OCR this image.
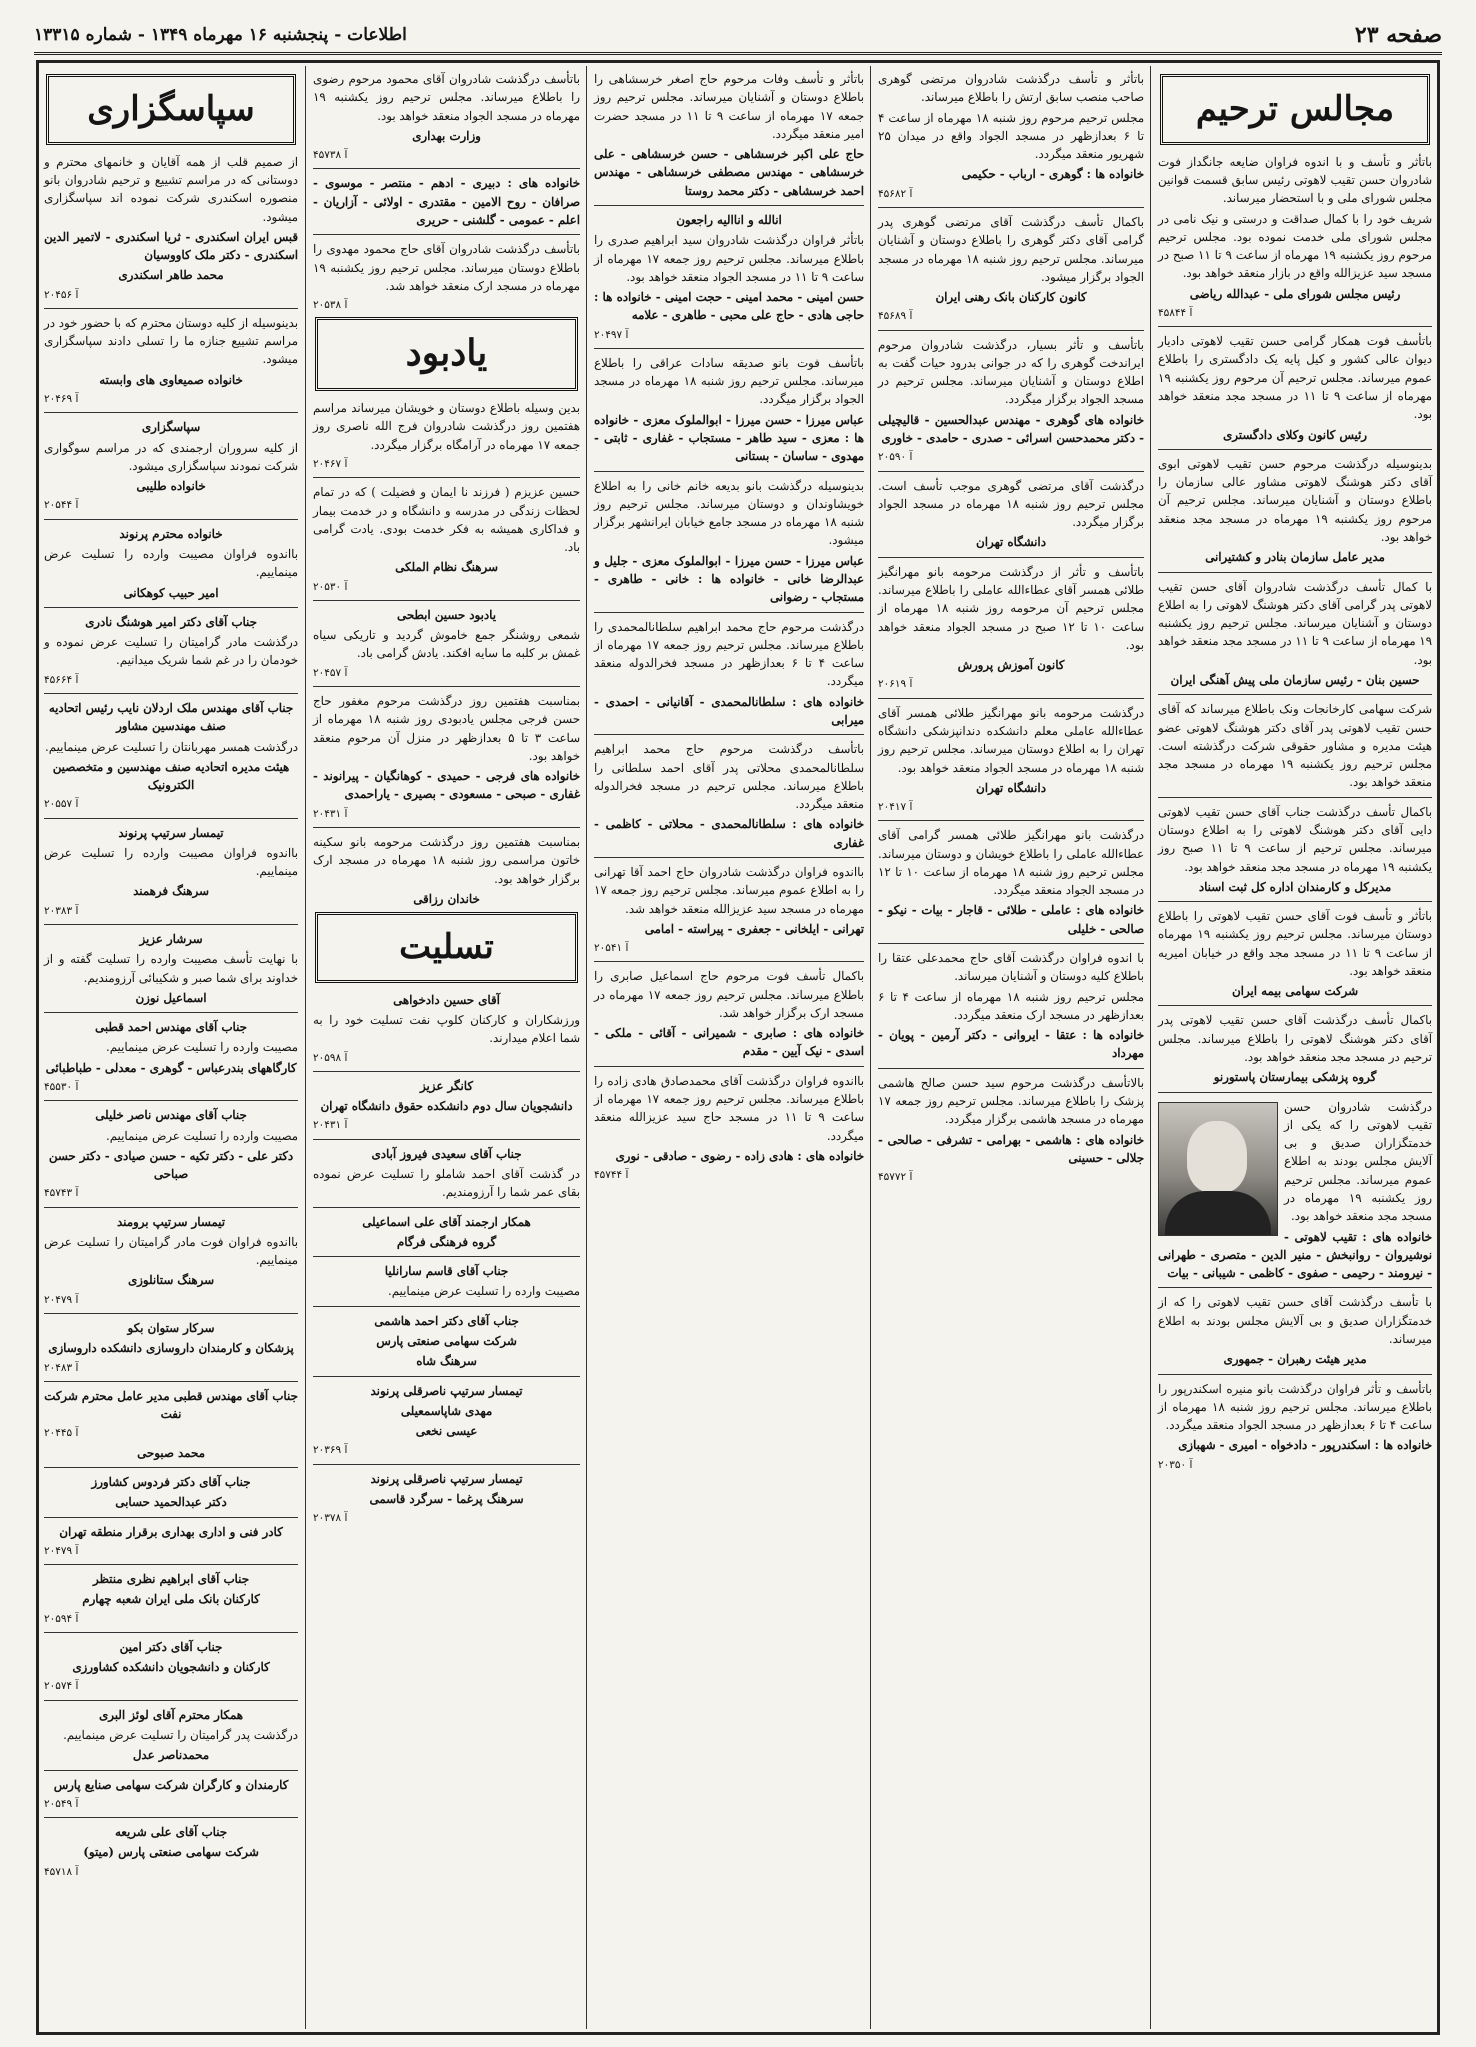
صفحه ۲۳
اطلاعات - پنجشنبه ۱۶ مهرماه ۱۳۴۹ - شماره ۱۳۳۱۵
مجالس ترحیم

باتأثر و تأسف و با اندوه فراوان ضایعه جانگداز فوت شادروان حسن تقیب لاهوتی رئیس سابق قسمت قوانین مجلس شورای ملی و با استحضار میرساند.

شریف خود را با کمال صداقت و درستی و نیک نامی در مجلس شورای ملی خدمت نموده بود. مجلس ترحیم مرحوم روز یکشنبه ۱۹ مهرماه از ساعت ۹ تا ۱۱ صبح در مسجد سید عزیزالله واقع در بازار منعقد خواهد بود.

رئیس مجلس شورای ملی - عبدالله ریاضی

۴۵۸۴۴ آ

باتأسف فوت همکار گرامی حسن تقیب لاهوتی دادیار دیوان عالی کشور و کیل پایه یک دادگستری را باطلاع عموم میرساند. مجلس ترحیم آن مرحوم روز یکشنبه ۱۹ مهرماه از ساعت ۹ تا ۱۱ در مسجد مجد منعقد خواهد بود.

رئیس کانون وکلای دادگستری

بدینوسیله درگذشت مرحوم حسن تقیب لاهوتی ابوی آقای دکتر هوشنگ لاهوتی مشاور عالی سازمان را باطلاع دوستان و آشنایان میرساند. مجلس ترحیم آن مرحوم روز یکشنبه ۱۹ مهرماه در مسجد مجد منعقد خواهد بود.

مدیر عامل سازمان بنادر و کشتیرانی

با کمال تأسف درگذشت شادروان آقای حسن تقیب لاهوتی پدر گرامی آقای دکتر هوشنگ لاهوتی را به اطلاع دوستان و آشنایان میرساند. مجلس ترحیم روز یکشنبه ۱۹ مهرماه از ساعت ۹ تا ۱۱ در مسجد مجد منعقد خواهد بود.

حسین بنان - رئیس سازمان ملی پیش آهنگی ایران

شرکت سهامی کارخانجات ونک باطلاع میرساند که آقای حسن تقیب لاهوتی پدر آقای دکتر هوشنگ لاهوتی عضو هیئت مدیره و مشاور حقوقی شرکت درگذشته است. مجلس ترحیم روز یکشنبه ۱۹ مهرماه در مسجد مجد منعقد خواهد بود.

باکمال تأسف درگذشت جناب آقای حسن تقیب لاهوتی دایی آقای دکتر هوشنگ لاهوتی را به اطلاع دوستان میرساند. مجلس ترحیم از ساعت ۹ تا ۱۱ صبح روز یکشنبه ۱۹ مهرماه در مسجد مجد منعقد خواهد بود.

مدیرکل و کارمندان اداره کل ثبت اسناد

باتأثر و تأسف فوت آقای حسن تقیب لاهوتی را باطلاع دوستان میرساند. مجلس ترحیم روز یکشنبه ۱۹ مهرماه از ساعت ۹ تا ۱۱ در مسجد مجد واقع در خیابان امیریه منعقد خواهد بود.

شرکت سهامی بیمه ایران

باکمال تأسف درگذشت آقای حسن تقیب لاهوتی پدر آقای دکتر هوشنگ لاهوتی را باطلاع میرساند. مجلس ترحیم در مسجد مجد منعقد خواهد بود.

گروه پزشکی بیمارستان پاستورنو

درگذشت شادروان حسن تقیب لاهوتی را که یکی از خدمتگزاران صدیق و بی آلایش مجلس بودند به اطلاع عموم میرساند. مجلس ترحیم روز یکشنبه ۱۹ مهرماه در مسجد مجد منعقد خواهد بود.

خانواده های : تقیب لاهوتی - نوشیروان - روانبخش - منیر الدین - متصری - طهرانی - نیرومند - رحیمی - صفوی - کاظمی - شیبانی - بیات

با تأسف درگذشت آقای حسن تقیب لاهوتی را که از خدمتگزاران صدیق و بی آلایش مجلس بودند به اطلاع میرساند.

مدیر هیئت رهبران - جمهوری

باتأسف و تأثر فراوان درگذشت بانو منیره اسکندرپور را باطلاع میرساند. مجلس ترحیم روز شنبه ۱۸ مهرماه از ساعت ۴ تا ۶ بعدازظهر در مسجد الجواد منعقد میگردد.

خانواده ها : اسکندرپور - دادخواه - امیری - شهبازی

۲۰۳۵۰ آ

باتأثر و تأسف درگذشت شادروان مرتضی گوهری صاحب منصب سابق ارتش را باطلاع میرساند.

مجلس ترحیم مرحوم روز شنبه ۱۸ مهرماه از ساعت ۴ تا ۶ بعدازظهر در مسجد الجواد واقع در میدان ۲۵ شهریور منعقد میگردد.

خانواده ها : گوهری - ارباب - حکیمی

۴۵۶۸۲ آ

باکمال تأسف درگذشت آقای مرتضی گوهری پدر گرامی آقای دکتر گوهری را باطلاع دوستان و آشنایان میرساند. مجلس ترحیم روز شنبه ۱۸ مهرماه در مسجد الجواد برگزار میشود.

کانون کارکنان بانک رهنی ایران

۴۵۶۸۹ آ

باتأسف و تأثر بسیار، درگذشت شادروان مرحوم ایراندخت گوهری را که در جوانی بدرود حیات گفت به اطلاع دوستان و آشنایان میرساند. مجلس ترحیم در مسجد الجواد برگزار میگردد.

خانواده های گوهری - مهندس عبدالحسین - قالیچیلی - دکتر محمدحسن اسرائی - صدری - حامدی - خاوری

۲۰۵۹۰ آ

درگذشت آقای مرتضی گوهری موجب تأسف است. مجلس ترحیم روز شنبه ۱۸ مهرماه در مسجد الجواد برگزار میگردد.

دانشگاه تهران

باتأسف و تأثر از درگذشت مرحومه بانو مهرانگیز طلائی همسر آقای عطاءالله عاملی را باطلاع میرساند. مجلس ترحیم آن مرحومه روز شنبه ۱۸ مهرماه از ساعت ۱۰ تا ۱۲ صبح در مسجد الجواد منعقد خواهد بود.

کانون آموزش پرورش

۲۰۶۱۹ آ

درگذشت مرحومه بانو مهرانگیز طلائی همسر آقای عطاءالله عاملی معلم دانشکده دندانپزشکی دانشگاه تهران را به اطلاع دوستان میرساند. مجلس ترحیم روز شنبه ۱۸ مهرماه در مسجد الجواد منعقد خواهد بود.

دانشگاه تهران

۲۰۴۱۷ آ

درگذشت بانو مهرانگیز طلائی همسر گرامی آقای عطاءالله عاملی را باطلاع خویشان و دوستان میرساند. مجلس ترحیم روز شنبه ۱۸ مهرماه از ساعت ۱۰ تا ۱۲ در مسجد الجواد منعقد میگردد.

خانواده های : عاملی - طلائی - قاجار - بیات - نیکو - صالحی - خلیلی

با اندوه فراوان درگذشت آقای حاج محمدعلی عتقا را باطلاع کلیه دوستان و آشنایان میرساند.

مجلس ترحیم روز شنبه ۱۸ مهرماه از ساعت ۴ تا ۶ بعدازظهر در مسجد ارک منعقد میگردد.

خانواده ها : عتقا - ایروانی - دکتر آرمین - پویان - مهرداد

بالاتأسف درگذشت مرحوم سید حسن صالح هاشمی پزشک را باطلاع میرساند. مجلس ترحیم روز جمعه ۱۷ مهرماه در مسجد هاشمی برگزار میگردد.

خانواده های : هاشمی - بهرامی - تشرفی - صالحی - جلالی - حسینی

۴۵۷۷۲ آ

باتأثر و تأسف وفات مرحوم حاج اصغر خرسشاهی را باطلاع دوستان و آشنایان میرساند. مجلس ترحیم روز جمعه ۱۷ مهرماه از ساعت ۹ تا ۱۱ در مسجد حضرت امیر منعقد میگردد.

حاج علی اکبر خرسشاهی - حسن خرسشاهی - علی خرسشاهی - مهندس مصطفی خرسشاهی - مهندس احمد خرسشاهی - دکتر محمد روستا

انالله و اناالیه راجعون

باتأثر فراوان درگذشت شادروان سید ابراهیم صدری را باطلاع میرساند. مجلس ترحیم روز جمعه ۱۷ مهرماه از ساعت ۹ تا ۱۱ در مسجد الجواد منعقد خواهد بود.

حسن امینی - محمد امینی - حجت امینی - خانواده ها : حاجی هادی - حاج علی محبی - طاهری - علامه

۲۰۴۹۷ آ

باتأسف فوت بانو صدیقه سادات عراقی را باطلاع میرساند. مجلس ترحیم روز شنبه ۱۸ مهرماه در مسجد الجواد برگزار میگردد.

عباس میرزا - حسن میرزا - ابوالملوک معزی - خانواده ها : معزی - سید طاهر - مستجاب - غفاری - ثابتی - مهدوی - ساسان - بستانی

بدینوسیله درگذشت بانو بدیعه خانم خانی را به اطلاع خویشاوندان و دوستان میرساند. مجلس ترحیم روز شنبه ۱۸ مهرماه در مسجد جامع خیابان ایرانشهر برگزار میشود.

عباس میرزا - حسن میرزا - ابوالملوک معزی - جلیل و عبدالرضا خانی - خانواده ها : خانی - طاهری - مستجاب - رضوانی

درگذشت مرحوم حاج محمد ابراهیم سلطانالمحمدی را باطلاع میرساند. مجلس ترحیم روز جمعه ۱۷ مهرماه از ساعت ۴ تا ۶ بعدازظهر در مسجد فخرالدوله منعقد میگردد.

خانواده های : سلطانالمحمدی - آقانیانی - احمدی - میرابی

باتأسف درگذشت مرحوم حاج محمد ابراهیم سلطانالمحمدی محلاتی پدر آقای احمد سلطانی را باطلاع میرساند. مجلس ترحیم در مسجد فخرالدوله منعقد میگردد.

خانواده های : سلطانالمحمدی - محلاتی - کاظمی - غفاری

بااندوه فراوان درگذشت شادروان حاج احمد آقا تهرانی را به اطلاع عموم میرساند. مجلس ترحیم روز جمعه ۱۷ مهرماه در مسجد سید عزیزالله منعقد خواهد شد.

تهرانی - ایلخانی - جعفری - پیراسته - امامی

۲۰۵۴۱ آ

باکمال تأسف فوت مرحوم حاج اسماعیل صابری را باطلاع میرساند. مجلس ترحیم روز جمعه ۱۷ مهرماه در مسجد ارک برگزار خواهد شد.

خانواده های : صابری - شمیرانی - آقائی - ملکی - اسدی - نیک آیین - مقدم

بااندوه فراوان درگذشت آقای محمدصادق هادی زاده را باطلاع میرساند. مجلس ترحیم روز جمعه ۱۷ مهرماه از ساعت ۹ تا ۱۱ در مسجد حاج سید عزیزالله منعقد میگردد.

خانواده های : هادی زاده - رضوی - صادقی - نوری

۴۵۷۴۴ آ

باتأسف درگذشت شادروان آقای محمود مرحوم رضوی را باطلاع میرساند. مجلس ترحیم روز یکشنبه ۱۹ مهرماه در مسجد الجواد منعقد خواهد بود.

وزارت بهداری

۴۵۷۳۸ آ

خانواده های : دبیری - ادهم - منتصر - موسوی - صرافان - روح الامین - مقتدری - اولائی - آزاریان - اعلم - عمومی - گلشنی - حریری

باتأسف درگذشت شادروان آقای حاج محمود مهدوی را باطلاع دوستان میرساند. مجلس ترحیم روز یکشنبه ۱۹ مهرماه در مسجد ارک منعقد خواهد شد.

۲۰۵۳۸ آ

یادبود

بدین وسیله باطلاع دوستان و خویشان میرساند مراسم هفتمین روز درگذشت شادروان فرج الله ناصری روز جمعه ۱۷ مهرماه در آرامگاه برگزار میگردد.

۲۰۴۶۷ آ

حسین عزیزم ( فرزند نا ایمان و فضیلت ) که در تمام لحظات زندگی در مدرسه و دانشگاه و در خدمت بیمار و فداکاری همیشه به فکر خدمت بودی. یادت گرامی باد.

سرهنگ نظام الملکی

۲۰۵۳۰ آ

یادبود حسین ابطحی

شمعی روشنگر جمع خاموش گردید و تاریکی سیاه غمش بر کلبه ما سایه افکند. یادش گرامی باد.

۲۰۴۵۷ آ

بمناسبت هفتمین روز درگذشت مرحوم مغفور حاج حسن فرجی مجلس یادبودی روز شنبه ۱۸ مهرماه از ساعت ۳ تا ۵ بعدازظهر در منزل آن مرحوم منعقد خواهد بود.

خانواده های فرجی - حمیدی - کوهانگیان - پیرانوند - غفاری - صبحی - مسعودی - بصیری - یاراحمدی

۲۰۴۳۱ آ

بمناسبت هفتمین روز درگذشت مرحومه بانو سکینه خاتون مراسمی روز شنبه ۱۸ مهرماه در مسجد ارک برگزار خواهد بود.

خاندان رزاقی

تسلیت

آقای حسین دادخواهی

ورزشکاران و کارکنان کلوپ نفت تسلیت خود را به شما اعلام میدارند.

۲۰۵۹۸ آ

کانگر عزیز

دانشجویان سال دوم دانشکده حقوق دانشگاه تهران

۲۰۴۳۱ آ

جناب آقای سعیدی فیروز آبادی

در گذشت آقای احمد شاملو را تسلیت عرض نموده بقای عمر شما را آرزومندیم.

همکار ارجمند آقای علی اسماعیلی

گروه فرهنگی فرگام

جناب آقای قاسم سارانلیا

مصیبت وارده را تسلیت عرض مینماییم.

جناب آقای دکتر احمد هاشمی

شرکت سهامی صنعتی پارس

سرهنگ شاه

تیمسار سرتیپ ناصرقلی پرنوند

مهدی شاپاسمعیلی

عیسی نخعی

۲۰۳۶۹ آ

تیمسار سرتیپ ناصرقلی پرنوند

سرهنگ پرغما - سرگرد قاسمی

۲۰۳۷۸ آ

سپاسگزاری

از صمیم قلب از همه آقایان و خانمهای محترم و دوستانی که در مراسم تشییع و ترحیم شادروان بانو منصوره اسکندری شرکت نموده اند سپاسگزاری میشود.

قبس ایران اسکندری - ثریا اسکندری - لاتمیر الدین اسکندری - دکتر ملک کاووسیان

محمد طاهر اسکندری

۲۰۴۵۶ آ

بدینوسیله از کلیه دوستان محترم که با حضور خود در مراسم تشییع جنازه ما را تسلی دادند سپاسگزاری میشود.

خانواده صمیعاوی های وابسته

۲۰۴۶۹ آ

سپاسگزاری

از کلیه سروران ارجمندی که در مراسم سوگواری شرکت نمودند سپاسگزاری میشود.

خانواده طلیبی

۲۰۵۴۴ آ

خانواده محترم پرنوند

بااندوه فراوان مصیبت وارده را تسلیت عرض مینماییم.

امیر حبیب کوهکانی

جناب آقای دکتر امیر هوشنگ نادری

درگذشت مادر گرامیتان را تسلیت عرض نموده و خودمان را در غم شما شریک میدانیم.

۴۵۶۶۴ آ

جناب آقای مهندس ملک اردلان نایب رئیس اتحادیه صنف مهندسین مشاور

درگذشت همسر مهربانتان را تسلیت عرض مینماییم.

هیئت مدیره اتحادیه صنف مهندسین و متخصصین الکترونیک

۲۰۵۵۷ آ

تیمسار سرتیپ پرنوند

بااندوه فراوان مصیبت وارده را تسلیت عرض مینماییم.

سرهنگ فرهمند

۲۰۳۸۳ آ

سرشار عزیز

با نهایت تأسف مصیبت وارده را تسلیت گفته و از خداوند برای شما صبر و شکیبائی آرزومندیم.

اسماعیل نوزن

جناب آقای مهندس احمد قطبی

مصیبت وارده را تسلیت عرض مینماییم.

کارگاههای بندرعباس - گوهری - معدلی - طباطبائی

۴۵۵۳۰ آ

جناب آقای مهندس ناصر خلیلی

مصیبت وارده را تسلیت عرض مینماییم.

دکتر علی - دکتر تکیه - حسن صیادی - دکتر حسن صباحی

۴۵۷۴۳ آ

تیمسار سرتیپ برومند

بااندوه فراوان فوت مادر گرامیتان را تسلیت عرض مینماییم.

سرهنگ ستانلوزی

۲۰۴۷۹ آ

سرکار ستوان بکو

پزشکان و کارمندان داروسازی دانشکده داروسازی

۲۰۴۸۳ آ

جناب آقای مهندس قطبی مدیر عامل محترم شرکت نفت

۲۰۴۴۵ آ

محمد صبوحی

جناب آقای دکتر فردوس کشاورز

دکتر عبدالحمید حسابی

کادر فنی و اداری بهداری برقرار منطقه تهران

۲۰۴۷۹ آ

جناب آقای ابراهیم نظری منتظر

کارکنان بانک ملی ایران شعبه چهارم

۲۰۵۹۴ آ

جناب آقای دکتر امین

کارکنان و دانشجویان دانشکده کشاورزی

۲۰۵۷۴ آ

همکار محترم آقای لوئز البری

درگذشت پدر گرامیتان را تسلیت عرض مینماییم.

محمدناصر عدل

کارمندان و کارگران شرکت سهامی صنایع پارس

۲۰۵۴۹ آ

جناب آقای علی شریعه

شرکت سهامی صنعتی پارس (میتو)

۴۵۷۱۸ آ
